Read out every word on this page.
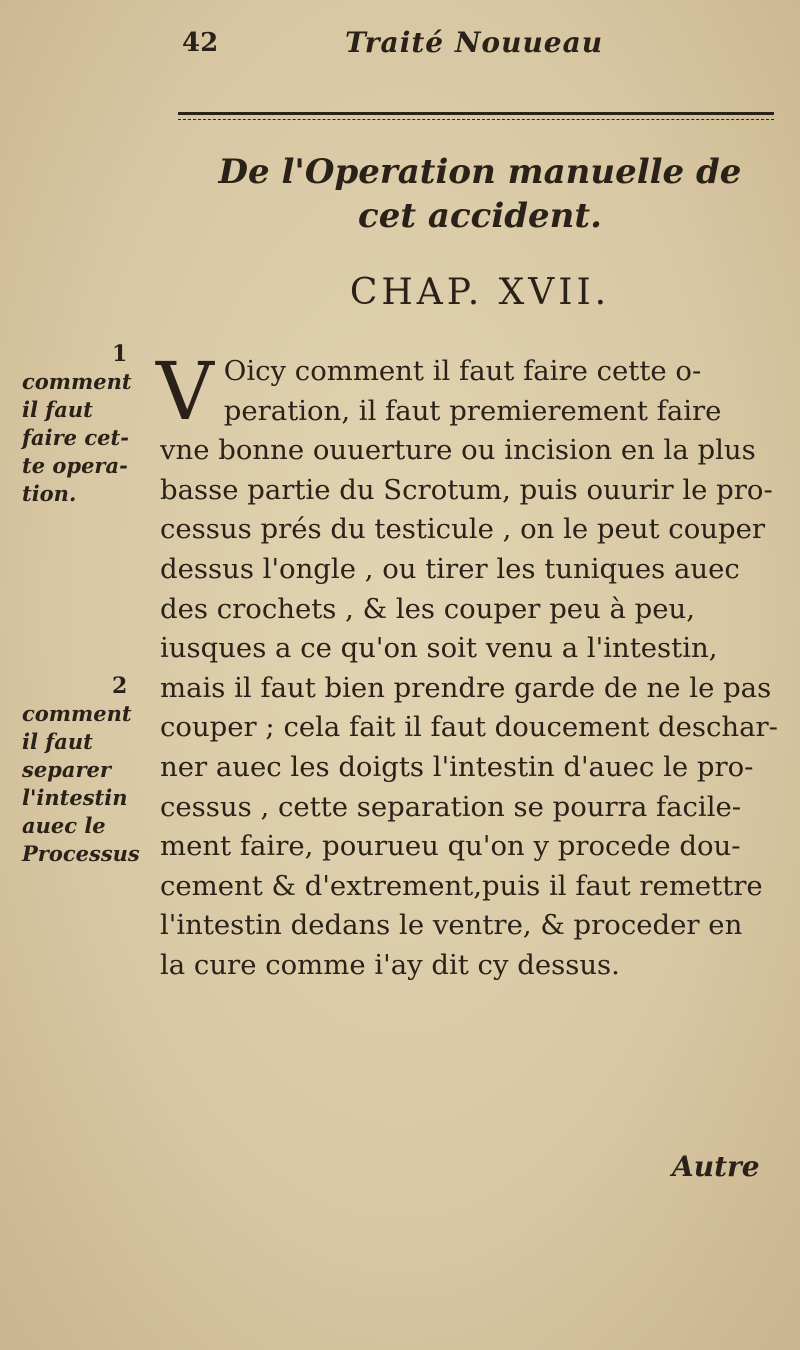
42	Traité Nouueau
De l'Operation manuelle de
cet accident.
CHAP. XVII.
1
comment
il faut
faire cet-
te opera-
tion.
2
comment
il faut
separer
l'intestin
auec le
Processus
V Oicy comment il faut faire cette o-
peration, il faut premierement faire
vne bonne ouuerture ou incision en la plus
basse partie du Scrotum, puis ouurir le pro-
cessus prés du testicule , on le peut couper
dessus l'ongle , ou tirer les tuniques auec
des crochets , & les couper peu à peu,
iusques a ce qu'on soit venu a l'intestin,
mais il faut bien prendre garde de ne le pas
couper ; cela fait il faut doucement deschar-
ner auec les doigts l'intestin d'auec le pro-
cessus , cette separation se pourra facile-
ment faire, pourueu qu'on y procede dou-
cement & d'extrement,puis il faut remettre
l'intestin dedans le ventre, & proceder en
la cure comme i'ay dit cy dessus.
Autre
